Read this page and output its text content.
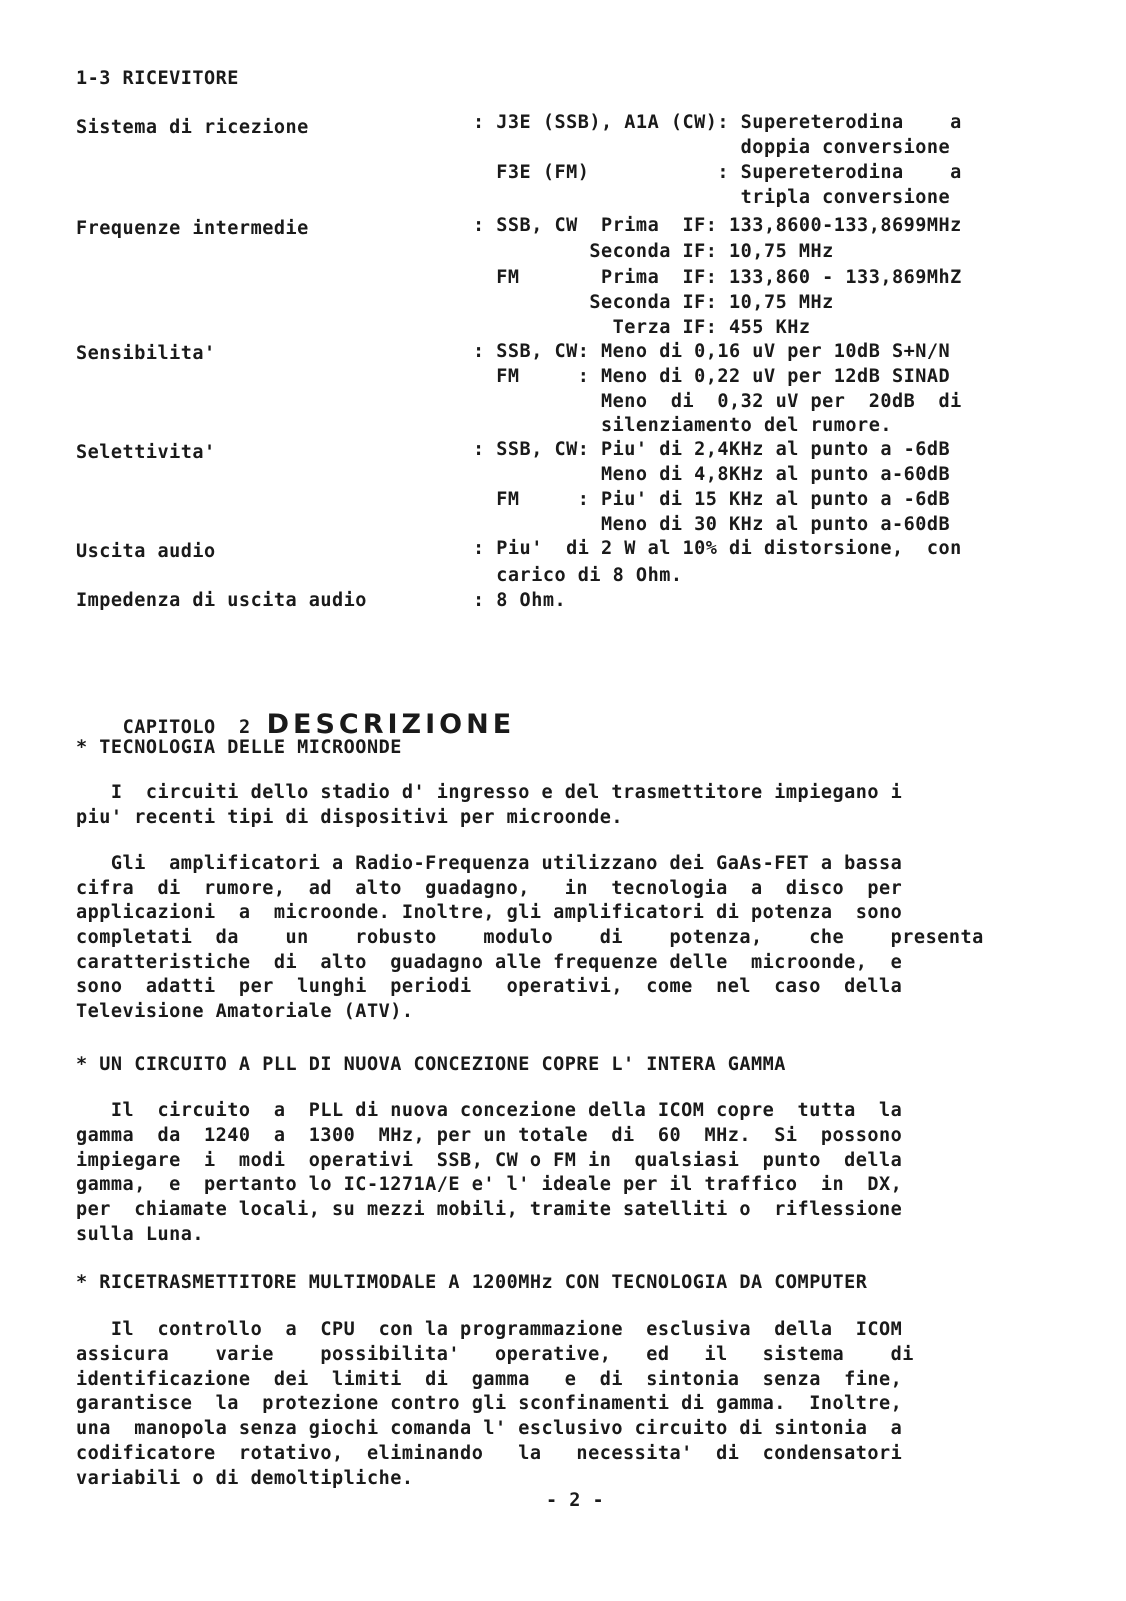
1-3 RICEVITORE
Sistema di ricezione	: J3E (SSB), A1A (CW): Supereterodina    a
doppia conversione
F3E (FM)           : Supereterodina    a
tripla conversione
Frequenze intermedie	: SSB, CW  Prima  IF: 133,8600-133,8699MHz
Seconda IF: 10,75 MHz
FM       Prima  IF: 133,860 - 133,869MhZ
Seconda IF: 10,75 MHz
Terza IF: 455 KHz
Sensibilita'	: SSB, CW: Meno di 0,16 uV per 10dB S+N/N
FM     : Meno di 0,22 uV per 12dB SINAD
Meno  di  0,32 uV per  20dB  di
silenziamento del rumore.
Selettivita'	: SSB, CW: Piu' di 2,4KHz al punto a -6dB
Meno di 4,8KHz al punto a-60dB
FM     : Piu' di 15 KHz al punto a -6dB
Meno di 30 KHz al punto a-60dB
Uscita audio	: Piu'  di 2 W al 10% di distorsione,  con
carico di 8 Ohm.
Impedenza di uscita audio	: 8 Ohm.

CAPITOLO  2 DESCRIZIONE

* TECNOLOGIA DELLE MICROONDE
I  circuiti dello stadio d' ingresso e del trasmettitore impiegano i
piu' recenti tipi di dispositivi per microonde.
Gli  amplificatori a Radio-Frequenza utilizzano dei GaAs-FET a bassa
cifra  di  rumore,  ad  alto  guadagno,   in  tecnologia  a  disco  per
applicazioni  a  microonde. Inoltre, gli amplificatori di potenza  sono
completati  da    un    robusto    modulo    di    potenza,    che    presenta
caratteristiche  di  alto  guadagno alle frequenze delle  microonde,  e
sono  adatti  per  lunghi  periodi   operativi,  come  nel  caso  della
Televisione Amatoriale (ATV).
* UN CIRCUITO A PLL DI NUOVA CONCEZIONE COPRE L' INTERA GAMMA
Il  circuito  a  PLL di nuova concezione della ICOM copre  tutta  la
gamma  da  1240  a  1300  MHz, per un totale  di  60  MHz.  Si  possono
impiegare  i  modi  operativi  SSB, CW o FM in  qualsiasi  punto  della
gamma,  e  pertanto lo IC-1271A/E e' l' ideale per il traffico  in  DX,
per  chiamate locali, su mezzi mobili, tramite satelliti o  riflessione
sulla Luna.
* RICETRASMETTITORE MULTIMODALE A 1200MHz CON TECNOLOGIA DA COMPUTER
Il  controllo  a  CPU  con la programmazione  esclusiva  della  ICOM
assicura    varie    possibilita'   operative,   ed   il   sistema    di
identificazione  dei  limiti  di  gamma   e  di  sintonia  senza  fine,
garantisce  la  protezione contro gli sconfinamenti di gamma.  Inoltre,
una  manopola senza giochi comanda l' esclusivo circuito di sintonia  a
codificatore  rotativo,  eliminando   la   necessita'  di  condensatori
variabili o di demoltipliche.
- 2 -
